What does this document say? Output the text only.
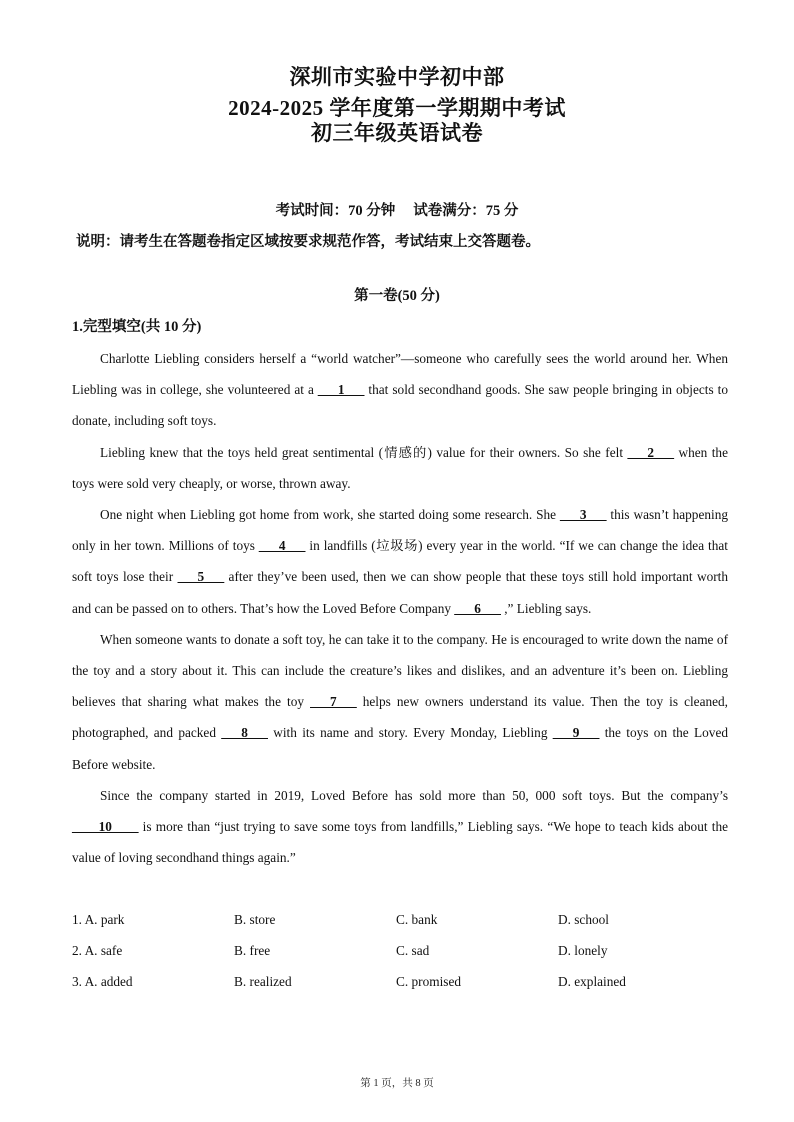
深圳市实验中学初中部
2024-2025 学年度第一学期期中考试
初三年级英语试卷
考试时间：70 分钟 试卷满分：75 分
说明：请考生在答题卷指定区域按要求规范作答，考试结束上交答题卷。
第一卷(50 分)
1.完型填空(共 10 分)

Charlotte Liebling considers herself a “world watcher”—someone who carefully sees the world around her. When Liebling was in college, she volunteered at a ___1___ that sold secondhand goods. She saw people bringing in objects to donate, including soft toys.

Liebling knew that the toys held great sentimental (情感的) value for their owners. So she felt ___2___ when the toys were sold very cheaply, or worse, thrown away.

One night when Liebling got home from work, she started doing some research. She ___3___ this wasn’t happening only in her town. Millions of toys ___4___ in landfills (垃圾场) every year in the world. “If we can change the idea that soft toys lose their ___5___ after they’ve been used, then we can show people that these toys still hold important worth and can be passed on to others. That’s how the Loved Before Company ___6___ ,” Liebling says.

When someone wants to donate a soft toy, he can take it to the company. He is encouraged to write down the name of the toy and a story about it. This can include the creature’s likes and dislikes, and an adventure it’s been on. Liebling believes that sharing what makes the toy ___7___ helps new owners understand its value. Then the toy is cleaned, photographed, and packed ___8___ with its name and story. Every Monday, Liebling ___9___ the toys on the Loved Before website.

Since the company started in 2019, Loved Before has sold more than 50, 000 soft toys. But the company’s ____10____ is more than “just trying to save some toys from landfills,” Liebling says. “We hope to teach kids about the value of loving secondhand things again.”

1. A. park	B. store	C. bank	D. school
2. A. safe	B. free	C. sad	D. lonely
3. A. added	B. realized	C. promised	D. explained
第 1 页，共 8 页
